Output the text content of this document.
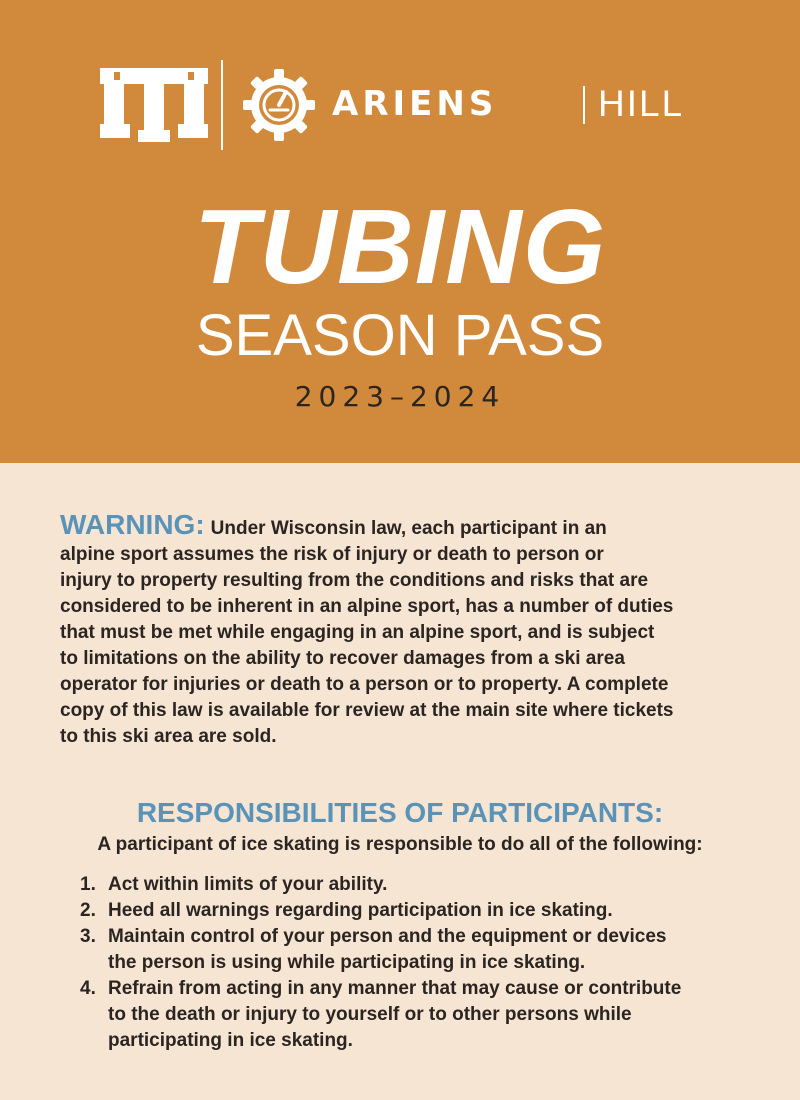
ARIENS	HILL
TUBING
SEASON PASS
2023–2024
WARNING: Under Wisconsin law, each participant in an
alpine sport assumes the risk of injury or death to person or
injury to property resulting from the conditions and risks that are
considered to be inherent in an alpine sport, has a number of duties
that must be met while engaging in an alpine sport, and is subject
to limitations on the ability to recover damages from a ski area
operator for injuries or death to a person or to property. A complete
copy of this law is available for review at the main site where tickets
to this ski area are sold.
RESPONSIBILITIES OF PARTICIPANTS:
A participant of ice skating is responsible to do all of the following:
1. Act within limits of your ability.
2. Heed all warnings regarding participation in ice skating.
3. Maintain control of your person and the equipment or devices
the person is using while participating in ice skating.
4. Refrain from acting in any manner that may cause or contribute
to the death or injury to yourself or to other persons while
participating in ice skating.
